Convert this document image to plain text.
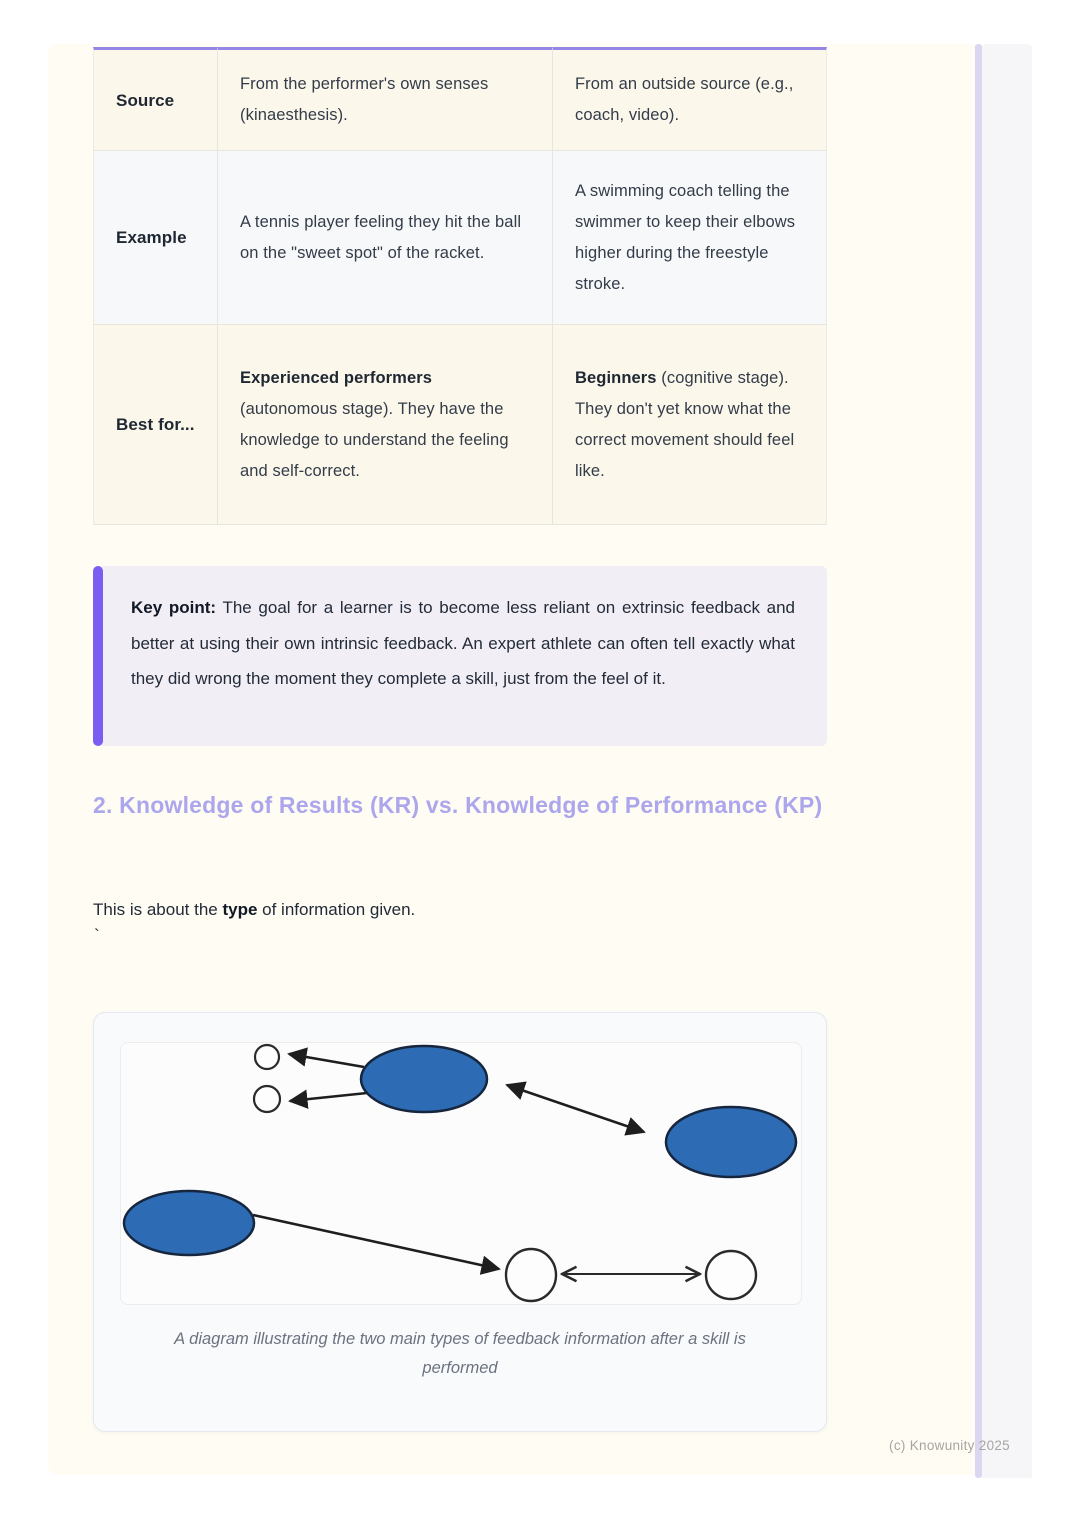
Source	From the performer's own senses (kinaesthesis).	From an outside source (e.g., coach, video).
Example	A tennis player feeling they hit the ball on the "sweet spot" of the racket.	A swimming coach telling the swimmer to keep their elbows higher during the freestyle stroke.
Best for...	Experienced performers (autonomous stage). They have the knowledge to understand the feeling and self-correct.	Beginners (cognitive stage). They don't yet know what the correct movement should feel like.
Key point: The goal for a learner is to become less reliant on extrinsic feedback and better at using their own intrinsic feedback. An expert athlete can often tell exactly what they did wrong the moment they complete a skill, just from the feel of it.
2. Knowledge of Results (KR) vs. Knowledge of Performance (KP)

This is about the type of information given.

`
A diagram illustrating the two main types of feedback information after a skill is performed
(c) Knowunity 2025
